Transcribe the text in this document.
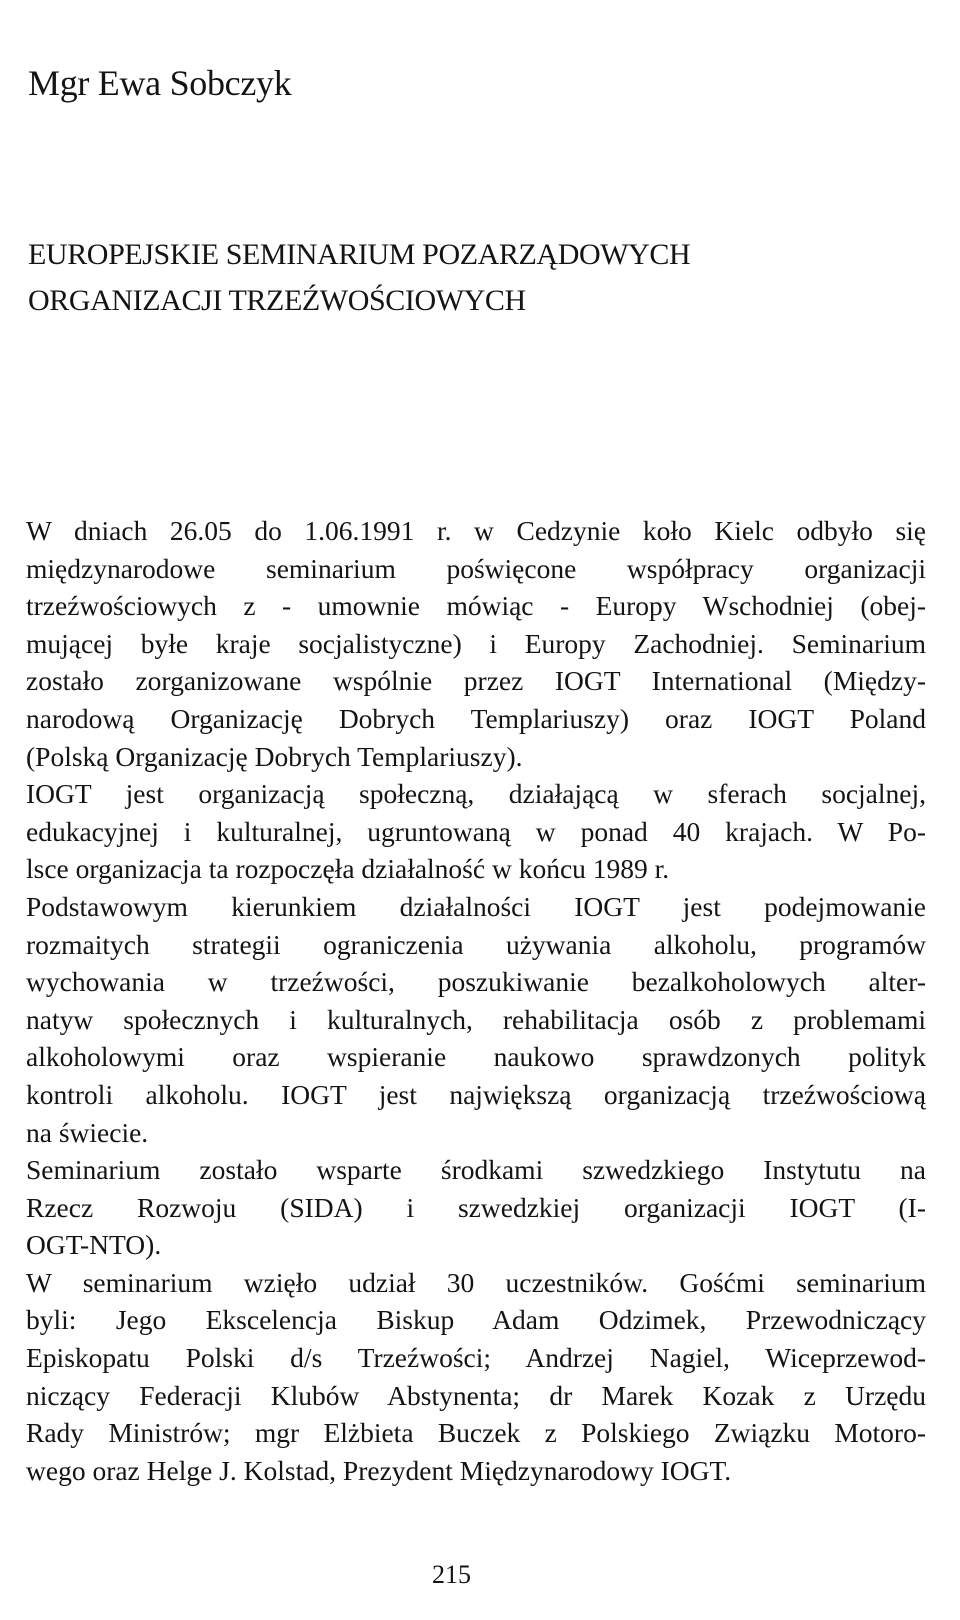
Mgr Ewa Sobczyk
EUROPEJSKIE SEMINARIUM POZARZĄDOWYCH
ORGANIZACJI TRZEŹWOŚCIOWYCH
W dniach 26.05 do 1.06.1991 r. w Cedzynie koło Kielc odbyło się
międzynarodowe seminarium poświęcone współpracy organizacji
trzeźwościowych z - umownie mówiąc - Europy Wschodniej (obej-
mującej byłe kraje socjalistyczne) i Europy Zachodniej. Seminarium
zostało zorganizowane wspólnie przez IOGT International (Między-
narodową Organizację Dobrych Templariuszy) oraz IOGT Poland
(Polską Organizację Dobrych Templariuszy).
IOGT jest organizacją społeczną, działającą w sferach socjalnej,
edukacyjnej i kulturalnej, ugruntowaną w ponad 40 krajach. W Po-
lsce organizacja ta rozpoczęła działalność w końcu 1989 r.
Podstawowym kierunkiem działalności IOGT jest podejmowanie
rozmaitych strategii ograniczenia używania alkoholu, programów
wychowania w trzeźwości, poszukiwanie bezalkoholowych alter-
natyw społecznych i kulturalnych, rehabilitacja osób z problemami
alkoholowymi oraz wspieranie naukowo sprawdzonych polityk
kontroli alkoholu. IOGT jest największą organizacją trzeźwościową
na świecie.
Seminarium zostało wsparte środkami szwedzkiego Instytutu na
Rzecz Rozwoju (SIDA) i szwedzkiej organizacji IOGT (I-
OGT-NTO).
W seminarium wzięło udział 30 uczestników. Gośćmi seminarium
byli: Jego Ekscelencja Biskup Adam Odzimek, Przewodniczący
Episkopatu Polski d/s Trzeźwości; Andrzej Nagiel, Wiceprzewod-
niczący Federacji Klubów Abstynenta; dr Marek Kozak z Urzędu
Rady Ministrów; mgr Elżbieta Buczek z Polskiego Związku Motoro-
wego oraz Helge J. Kolstad, Prezydent Międzynarodowy IOGT.
215
